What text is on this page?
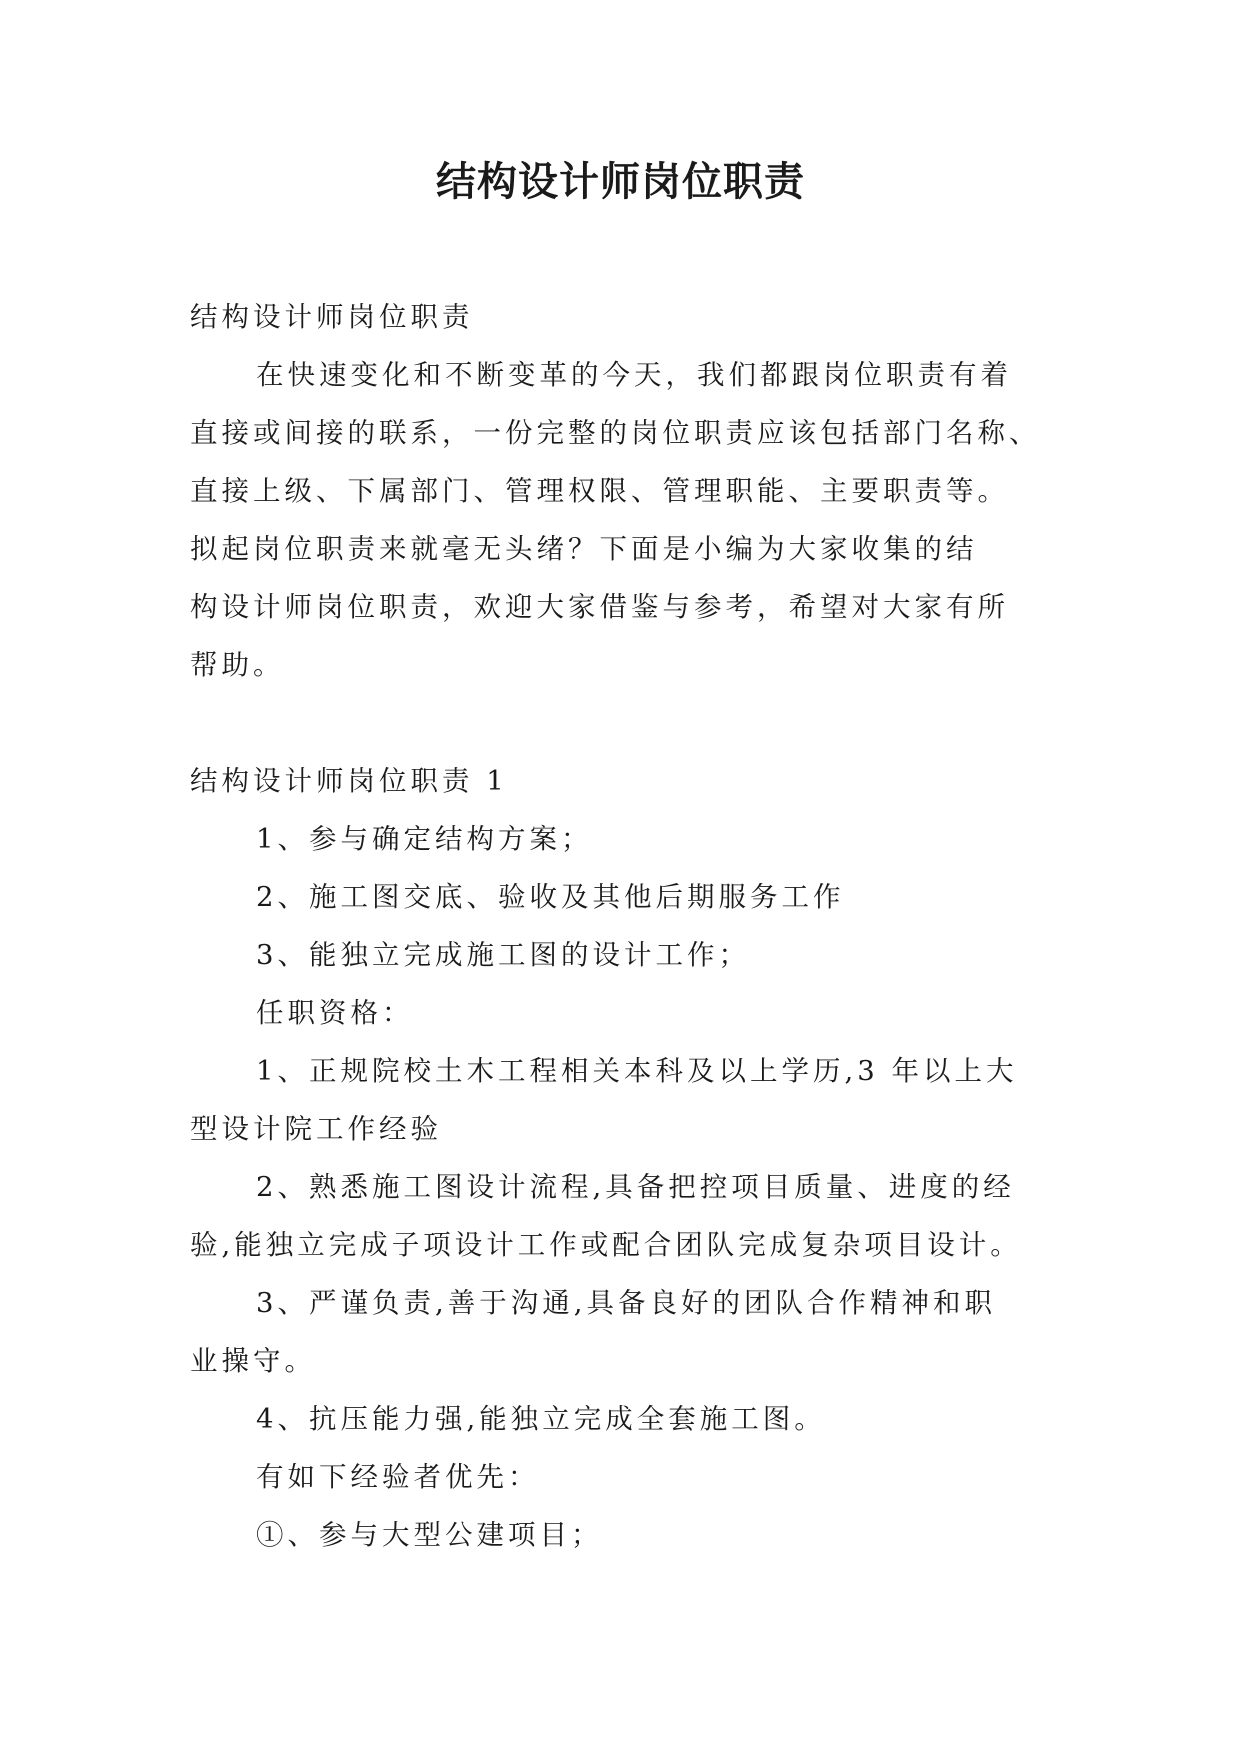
结构设计师岗位职责

结构设计师岗位职责

在快速变化和不断变革的今天，我们都跟岗位职责有着

直接或间接的联系，一份完整的岗位职责应该包括部门名称、

直接上级、下属部门、管理权限、管理职能、主要职责等。

拟起岗位职责来就毫无头绪？下面是小编为大家收集的结

构设计师岗位职责，欢迎大家借鉴与参考，希望对大家有所

帮助。

结构设计师岗位职责 1

1、参与确定结构方案；

2、施工图交底、验收及其他后期服务工作

3、能独立完成施工图的设计工作；

任职资格：

1、正规院校土木工程相关本科及以上学历,3 年以上大

型设计院工作经验

2、熟悉施工图设计流程,具备把控项目质量、进度的经

验,能独立完成子项设计工作或配合团队完成复杂项目设计。

3、严谨负责,善于沟通,具备良好的团队合作精神和职

业操守。

4、抗压能力强,能独立完成全套施工图。

有如下经验者优先：

①、参与大型公建项目；
